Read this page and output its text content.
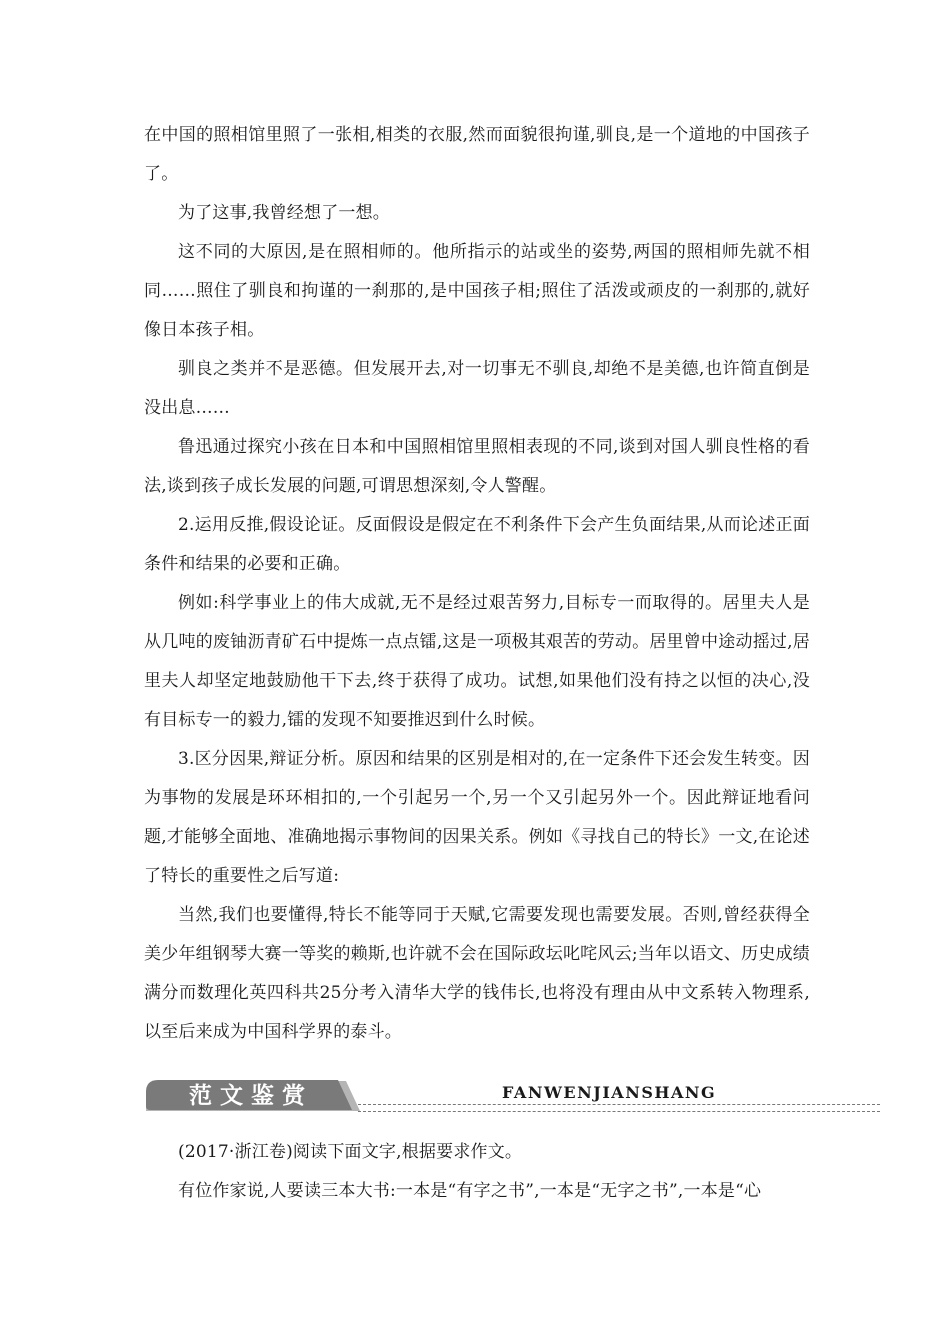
在中国的照相馆里照了一张相,相类的衣服,然而面貌很拘谨,驯良,是一个道地的中国孩子了。

为了这事,我曾经想了一想。

这不同的大原因,是在照相师的。他所指示的站或坐的姿势,两国的照相师先就不相同……照住了驯良和拘谨的一刹那的,是中国孩子相;照住了活泼或顽皮的一刹那的,就好像日本孩子相。

驯良之类并不是恶德。但发展开去,对一切事无不驯良,却绝不是美德,也许简直倒是没出息……

鲁迅通过探究小孩在日本和中国照相馆里照相表现的不同,谈到对国人驯良性格的看法,谈到孩子成长发展的问题,可谓思想深刻,令人警醒。

2.运用反推,假设论证。反面假设是假定在不利条件下会产生负面结果,从而论述正面条件和结果的必要和正确。

例如:科学事业上的伟大成就,无不是经过艰苦努力,目标专一而取得的。居里夫人是从几吨的废铀沥青矿石中提炼一点点镭,这是一项极其艰苦的劳动。居里曾中途动摇过,居里夫人却坚定地鼓励他干下去,终于获得了成功。试想,如果他们没有持之以恒的决心,没有目标专一的毅力,镭的发现不知要推迟到什么时候。

3.区分因果,辩证分析。原因和结果的区别是相对的,在一定条件下还会发生转变。因为事物的发展是环环相扣的,一个引起另一个,另一个又引起另外一个。因此辩证地看问题,才能够全面地、准确地揭示事物间的因果关系。例如《寻找自己的特长》一文,在论述了特长的重要性之后写道:

当然,我们也要懂得,特长不能等同于天赋,它需要发现也需要发展。否则,曾经获得全美少年组钢琴大赛一等奖的赖斯,也许就不会在国际政坛叱咤风云;当年以语文、历史成绩满分而数理化英四科共25分考入清华大学的钱伟长,也将没有理由从中文系转入物理系,以至后来成为中国科学界的泰斗。

范文鉴赏	FANWENJIANSHANG

(2017·浙江卷)阅读下面文字,根据要求作文。

有位作家说,人要读三本大书:一本是“有字之书”,一本是“无字之书”,一本是“心
